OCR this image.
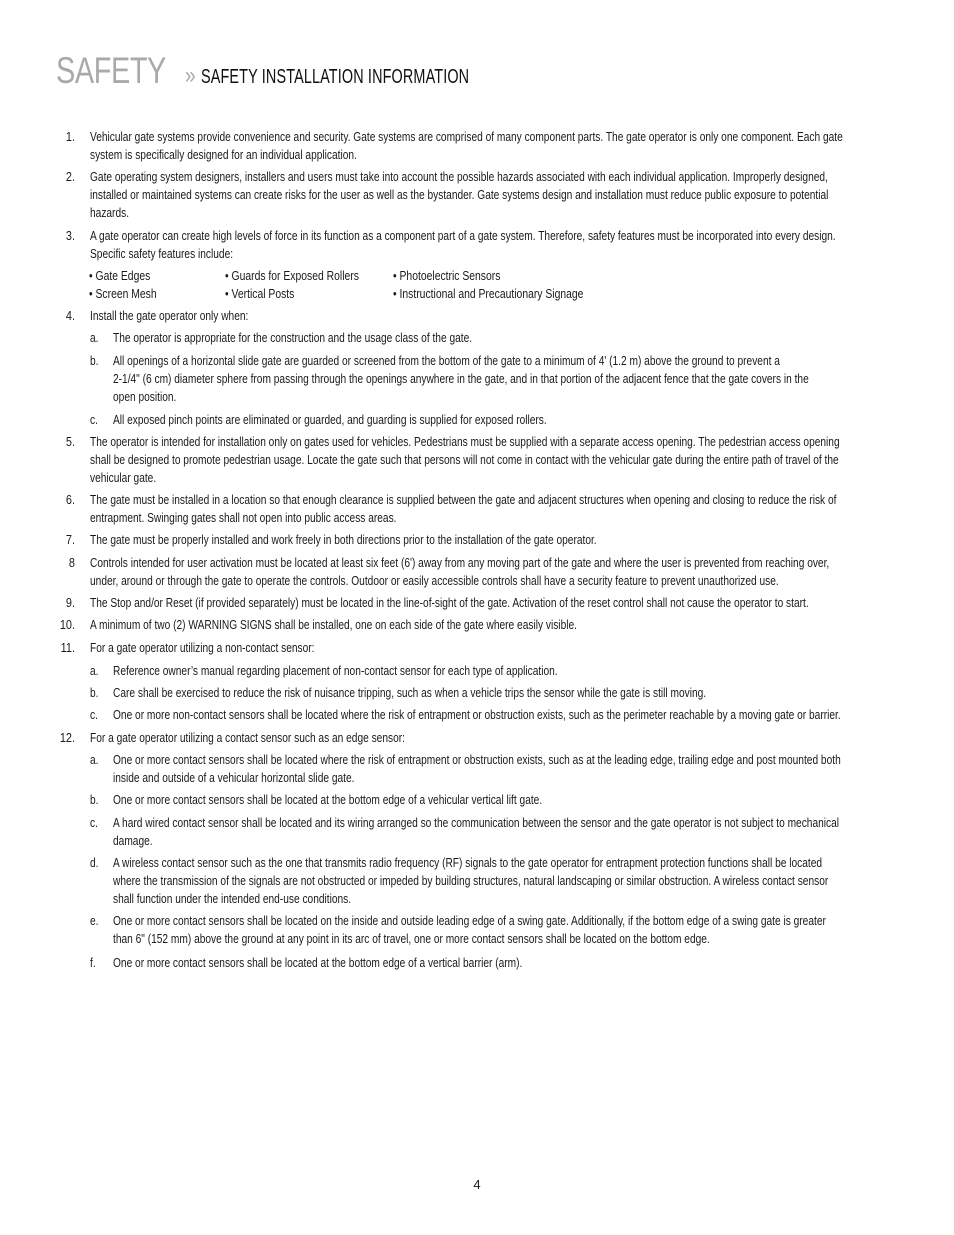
SAFETY » SAFETY INSTALLATION INFORMATION
1. Vehicular gate systems provide convenience and security. Gate systems are comprised of many component parts. The gate operator is only one component. Each gate
system is specifically designed for an individual application.
2. Gate operating system designers, installers and users must take into account the possible hazards associated with each individual application. Improperly designed,
installed or maintained systems can create risks for the user as well as the bystander. Gate systems design and installation must reduce public exposure to potential
hazards.
3. A gate operator can create high levels of force in its function as a component part of a gate system. Therefore, safety features must be incorporated into every design.
Specific safety features include:
4. Install the gate operator only when:
a. The operator is appropriate for the construction and the usage class of the gate.
b. All openings of a horizontal slide gate are guarded or screened from the bottom of the gate to a minimum of 4' (1.2 m) above the ground to prevent a
2-1/4" (6 cm) diameter sphere from passing through the openings anywhere in the gate, and in that portion of the adjacent fence that the gate covers in the
open position.
c. All exposed pinch points are eliminated or guarded, and guarding is supplied for exposed rollers.
5. The operator is intended for installation only on gates used for vehicles. Pedestrians must be supplied with a separate access opening. The pedestrian access opening
shall be designed to promote pedestrian usage. Locate the gate such that persons will not come in contact with the vehicular gate during the entire path of travel of the
vehicular gate.
6. The gate must be installed in a location so that enough clearance is supplied between the gate and adjacent structures when opening and closing to reduce the risk of
entrapment. Swinging gates shall not open into public access areas.
7. The gate must be properly installed and work freely in both directions prior to the installation of the gate operator.
8 Controls intended for user activation must be located at least six feet (6') away from any moving part of the gate and where the user is prevented from reaching over,
under, around or through the gate to operate the controls. Outdoor or easily accessible controls shall have a security feature to prevent unauthorized use.
9. The Stop and/or Reset (if provided separately) must be located in the line-of-sight of the gate. Activation of the reset control shall not cause the operator to start.
10. A minimum of two (2) WARNING SIGNS shall be installed, one on each side of the gate where easily visible.
11. For a gate operator utilizing a non-contact sensor:
a. Reference owner’s manual regarding placement of non-contact sensor for each type of application.
b. Care shall be exercised to reduce the risk of nuisance tripping, such as when a vehicle trips the sensor while the gate is still moving.
c. One or more non-contact sensors shall be located where the risk of entrapment or obstruction exists, such as the perimeter reachable by a moving gate or barrier.
12. For a gate operator utilizing a contact sensor such as an edge sensor:
a. One or more contact sensors shall be located where the risk of entrapment or obstruction exists, such as at the leading edge, trailing edge and post mounted both
inside and outside of a vehicular horizontal slide gate.
b. One or more contact sensors shall be located at the bottom edge of a vehicular vertical lift gate.
c. A hard wired contact sensor shall be located and its wiring arranged so the communication between the sensor and the gate operator is not subject to mechanical
damage.
d. A wireless contact sensor such as the one that transmits radio frequency (RF) signals to the gate operator for entrapment protection functions shall be located
where the transmission of the signals are not obstructed or impeded by building structures, natural landscaping or similar obstruction. A wireless contact sensor
shall function under the intended end-use conditions.
e. One or more contact sensors shall be located on the inside and outside leading edge of a swing gate. Additionally, if the bottom edge of a swing gate is greater
than 6" (152 mm) above the ground at any point in its arc of travel, one or more contact sensors shall be located on the bottom edge.
f. One or more contact sensors shall be located at the bottom edge of a vertical barrier (arm).
• Gate Edges
• Screen Mesh
• Guards for Exposed Rollers
• Vertical Posts
• Photoelectric Sensors
• Instructional and Precautionary Signage
4
